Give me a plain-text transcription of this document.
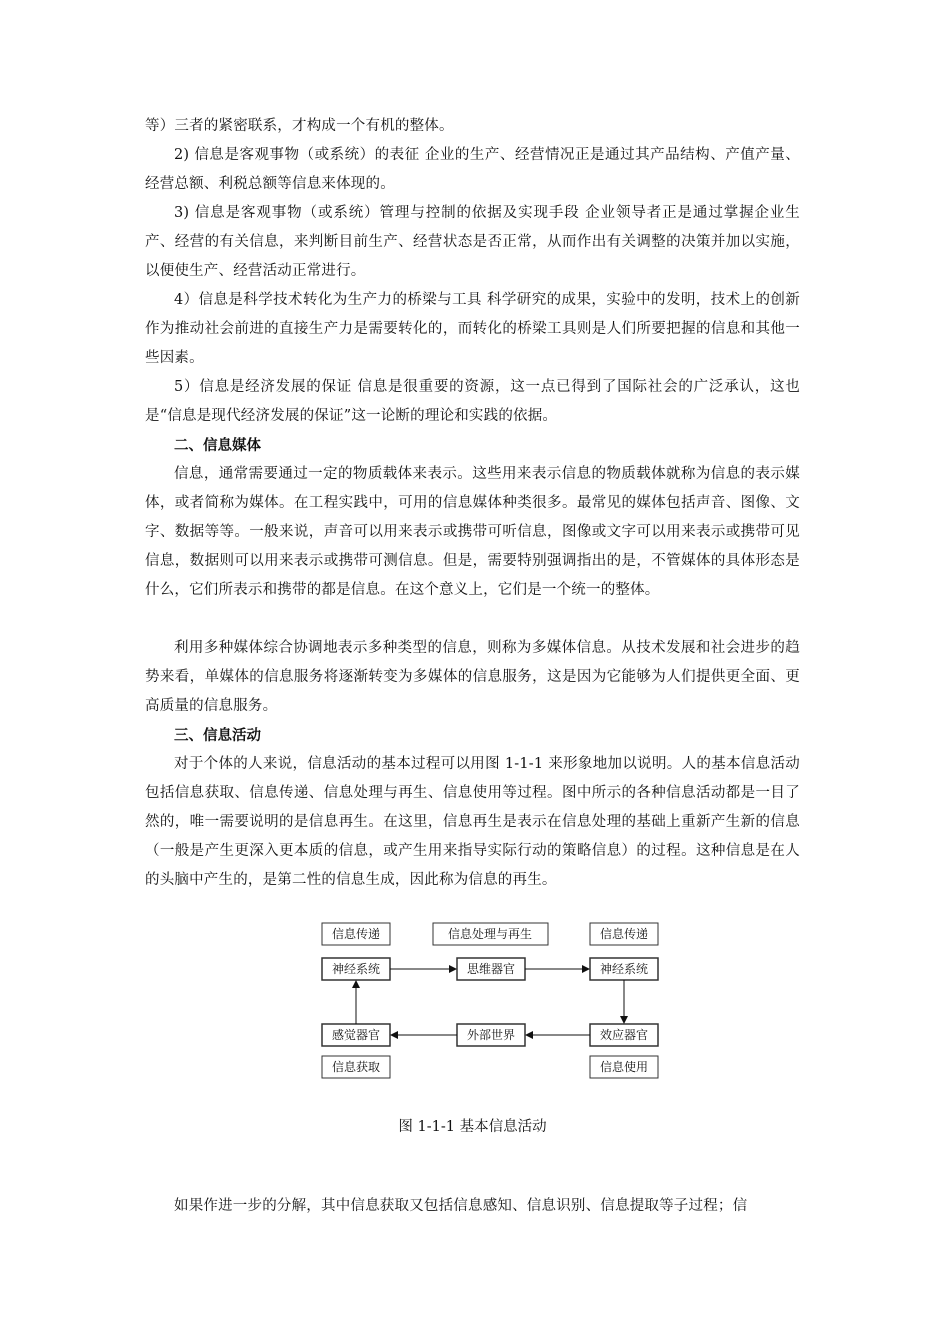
等）三者的紧密联系，才构成一个有机的整体。
2) 信息是客观事物（或系统）的表征 企业的生产、经营情况正是通过其产品结构、产值产量、经营总额、利税总额等信息来体现的。
3) 信息是客观事物（或系统）管理与控制的依据及实现手段 企业领导者正是通过掌握企业生产、经营的有关信息，来判断目前生产、经营状态是否正常，从而作出有关调整的决策并加以实施，以便使生产、经营活动正常进行。
4）信息是科学技术转化为生产力的桥梁与工具 科学研究的成果，实验中的发明，技术上的创新作为推动社会前进的直接生产力是需要转化的，而转化的桥梁工具则是人们所要把握的信息和其他一些因素。
5）信息是经济发展的保证 信息是很重要的资源，这一点已得到了国际社会的广泛承认，这也是“信息是现代经济发展的保证”这一论断的理论和实践的依据。
二、信息媒体
信息，通常需要通过一定的物质载体来表示。这些用来表示信息的物质载体就称为信息的表示媒体，或者简称为媒体。在工程实践中，可用的信息媒体种类很多。最常见的媒体包括声音、图像、文字、数据等等。一般来说，声音可以用来表示或携带可听信息，图像或文字可以用来表示或携带可见信息，数据则可以用来表示或携带可测信息。但是，需要特别强调指出的是，不管媒体的具体形态是什么，它们所表示和携带的都是信息。在这个意义上，它们是一个统一的整体。
利用多种媒体综合协调地表示多种类型的信息，则称为多媒体信息。从技术发展和社会进步的趋势来看，单媒体的信息服务将逐渐转变为多媒体的信息服务，这是因为它能够为人们提供更全面、更高质量的信息服务。
三、信息活动
对于个体的人来说，信息活动的基本过程可以用图 1-1-1 来形象地加以说明。人的基本信息活动包括信息获取、信息传递、信息处理与再生、信息使用等过程。图中所示的各种信息活动都是一目了然的，唯一需要说明的是信息再生。在这里，信息再生是表示在信息处理的基础上重新产生新的信息（一般是产生更深入更本质的信息，或产生用来指导实际行动的策略信息）的过程。这种信息是在人的头脑中产生的，是第二性的信息生成，因此称为信息的再生。
信息传递	信息处理与再生	信息传递
神经系统	思维器官	神经系统
感觉器官	外部世界	效应器官
信息获取	信息使用
图 1-1-1 基本信息活动
如果作进一步的分解，其中信息获取又包括信息感知、信息识别、信息提取等子过程；信
